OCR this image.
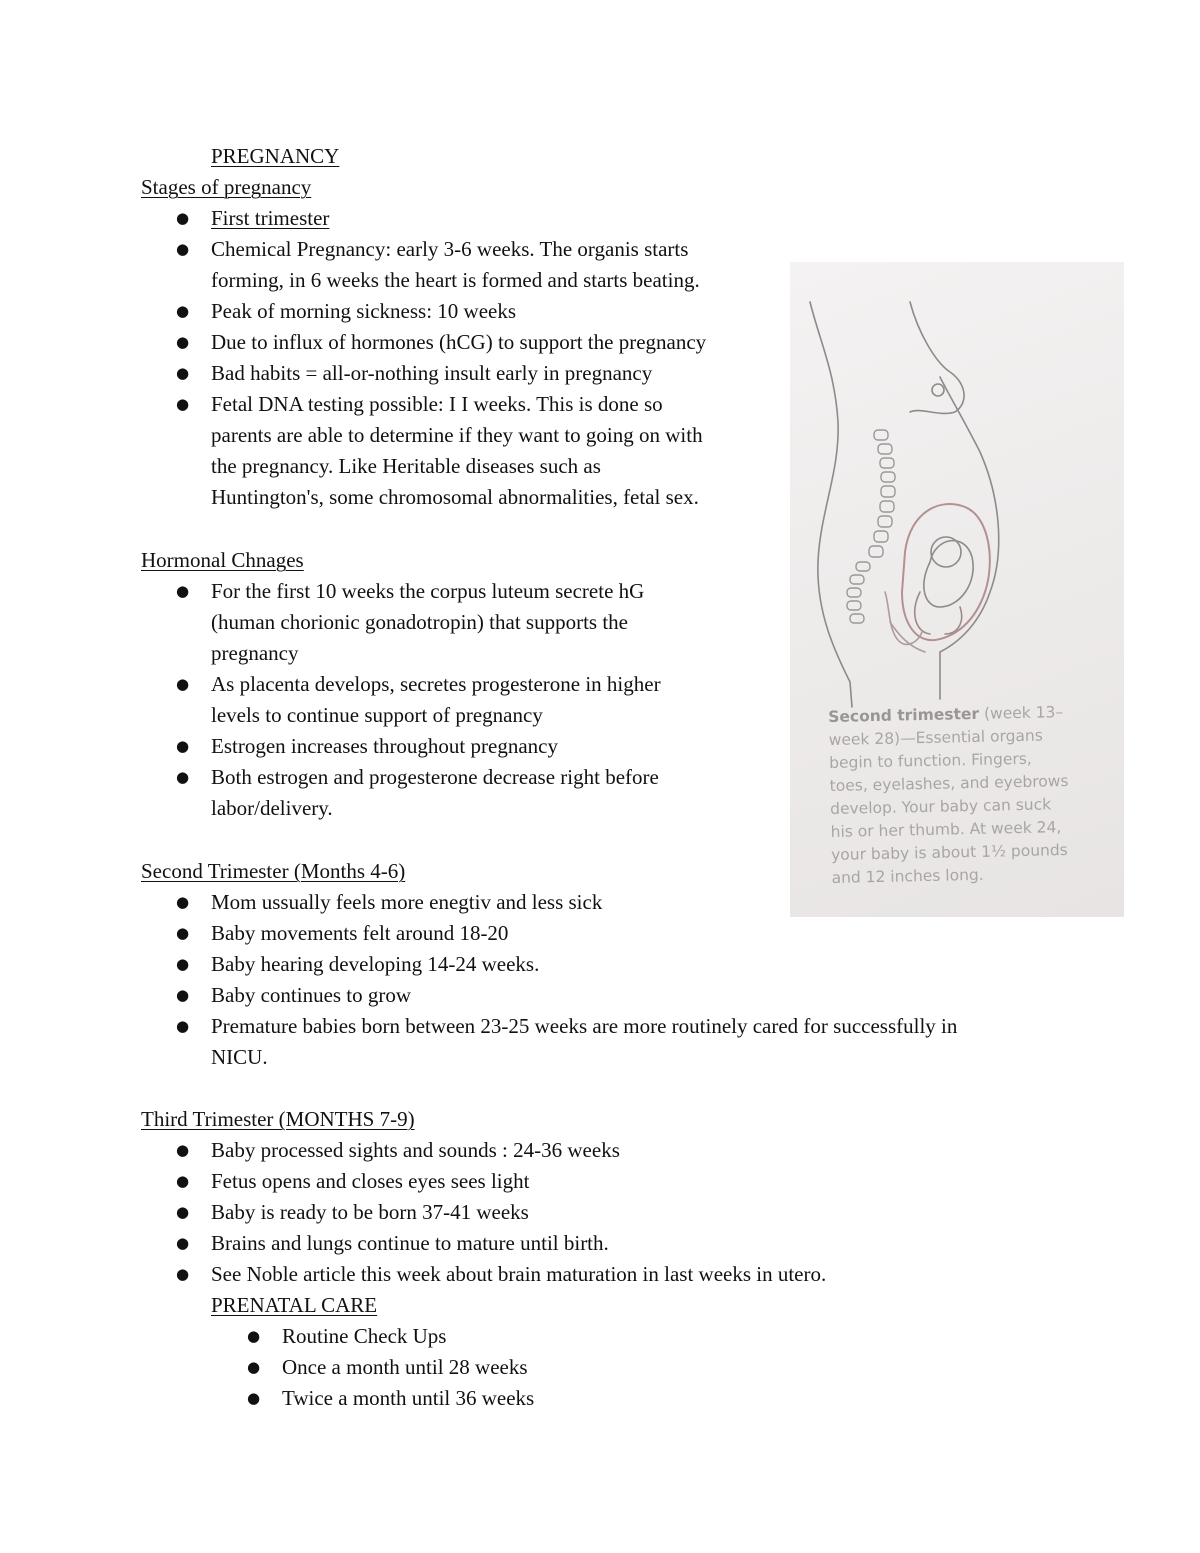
PREGNANCY
Stages of pregnancy
● First trimester
● Chemical Pregnancy: early 3-6 weeks. The organis starts
forming, in 6 weeks the heart is formed and starts beating.
● Peak of morning sickness: 10 weeks
● Due to influx of hormones (hCG) to support the pregnancy
● Bad habits = all-or-nothing insult early in pregnancy
● Fetal DNA testing possible: I I weeks. This is done so
parents are able to determine if they want to going on with
the pregnancy. Like Heritable diseases such as
Huntington's, some chromosomal abnormalities, fetal sex.
Hormonal Chnages
● For the first 10 weeks the corpus luteum secrete hG
(human chorionic gonadotropin) that supports the
pregnancy
● As placenta develops, secretes progesterone in higher
levels to continue support of pregnancy
● Estrogen increases throughout pregnancy
● Both estrogen and progesterone decrease right before
labor/delivery.
Second Trimester (Months 4-6)
● Mom ussually feels more enegtiv and less sick
● Baby movements felt around 18-20
● Baby hearing developing 14-24 weeks.
● Baby continues to grow
● Premature babies born between 23-25 weeks are more routinely cared for successfully in
NICU.
Third Trimester (MONTHS 7-9)
● Baby processed sights and sounds : 24-36 weeks
● Fetus opens and closes eyes sees light
● Baby is ready to be born 37-41 weeks
● Brains and lungs continue to mature until birth.
● See Noble article this week about brain maturation in last weeks in utero.
PRENATAL CARE
● Routine Check Ups
● Once a month until 28 weeks
● Twice a month until 36 weeks
Second trimester (week 13–
week 28)—Essential organs
begin to function. Fingers,
toes, eyelashes, and eyebrows
develop. Your baby can suck
his or her thumb. At week 24,
your baby is about 1½ pounds
and 12 inches long.
